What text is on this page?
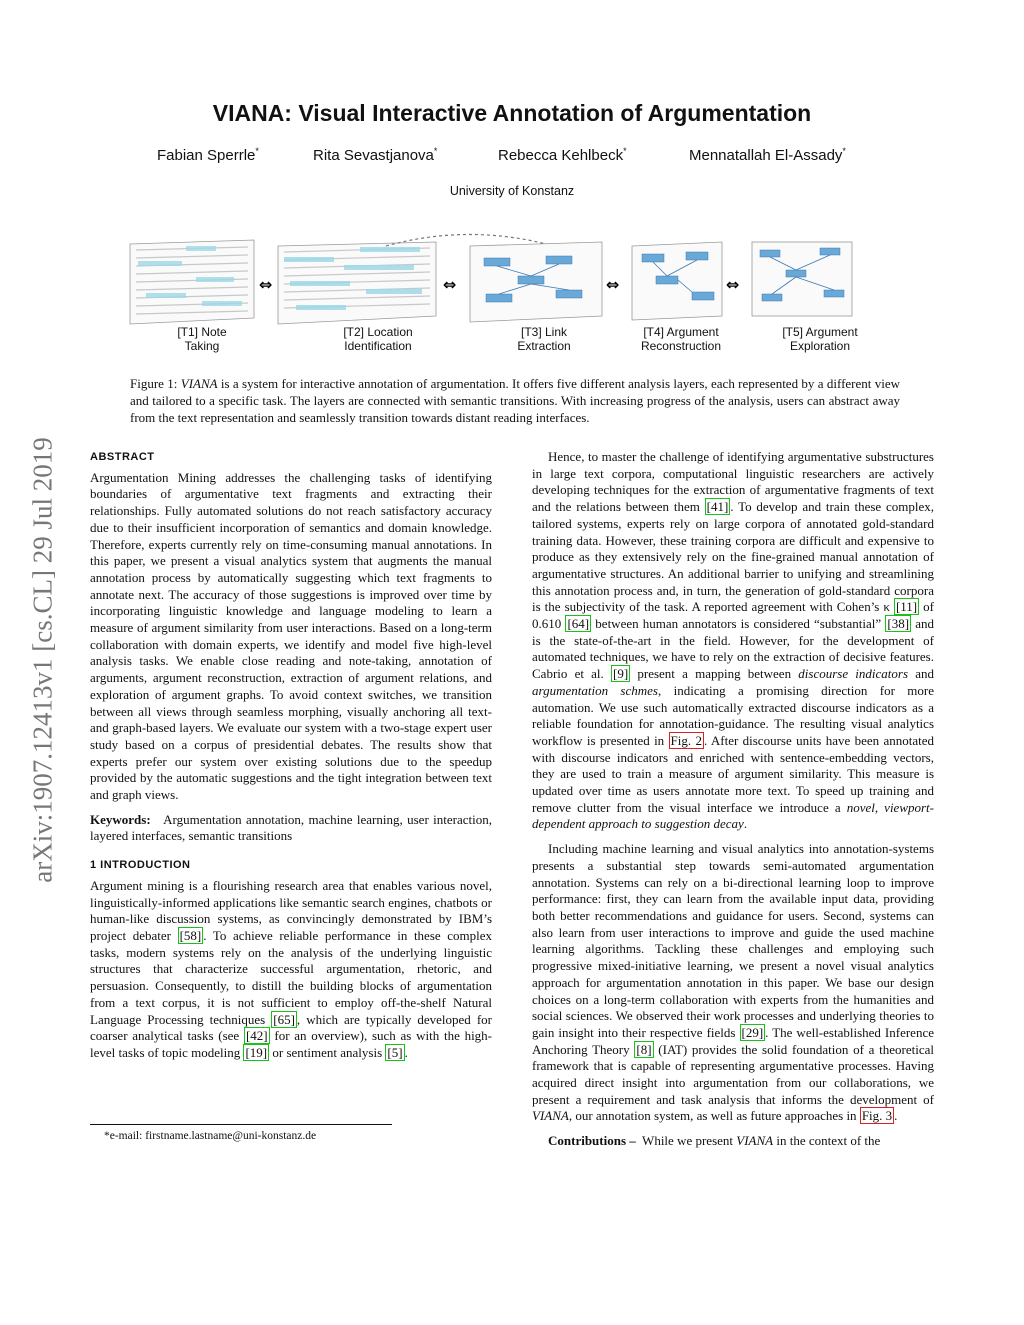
VIANA: Visual Interactive Annotation of Argumentation
Fabian Sperrle*	Rita Sevastjanova*	Rebecca Kehlbeck*	Mennatallah El-Assady*
University of Konstanz
arXiv:1907.12413v1 [cs.CL] 29 Jul 2019
⇔	⇔	⇔	⇔
[T1] Note
Taking
[T2] Location
Identification
[T3] Link
Extraction
[T4] Argument
Reconstruction
[T5] Argument
Exploration
Figure 1: VIANA is a system for interactive annotation of argumentation. It offers five different analysis layers, each represented by a different view and tailored to a specific task. The layers are connected with semantic transitions. With increasing progress of the analysis, users can abstract away from the text representation and seamlessly transition towards distant reading interfaces.
ABSTRACT

Argumentation Mining addresses the challenging tasks of identifying boundaries of argumentative text fragments and extracting their relationships. Fully automated solutions do not reach satisfactory accuracy due to their insufficient incorporation of semantics and domain knowledge. Therefore, experts currently rely on time-consuming manual annotations. In this paper, we present a visual analytics system that augments the manual annotation process by automatically suggesting which text fragments to annotate next. The accuracy of those suggestions is improved over time by incorporating linguistic knowledge and language modeling to learn a measure of argument similarity from user interactions. Based on a long-term collaboration with domain experts, we identify and model five high-level analysis tasks. We enable close reading and note-taking, annotation of arguments, argument reconstruction, extraction of argument relations, and exploration of argument graphs. To avoid context switches, we transition between all views through seamless morphing, visually anchoring all text- and graph-based layers. We evaluate our system with a two-stage expert user study based on a corpus of presidential debates. The results show that experts prefer our system over existing solutions due to the speedup provided by the automatic suggestions and the tight integration between text and graph views.

Keywords: Argumentation annotation, machine learning, user interaction, layered interfaces, semantic transitions

1 INTRODUCTION

Argument mining is a flourishing research area that enables various novel, linguistically-informed applications like semantic search engines, chatbots or human-like discussion systems, as convincingly demonstrated by IBM’s project debater [58] . To achieve reliable performance in these complex tasks, modern systems rely on the analysis of the underlying linguistic structures that characterize successful argumentation, rhetoric, and persuasion. Consequently, to distill the building blocks of argumentation from a text corpus, it is not sufficient to employ off-the-shelf Natural Language Processing techniques [65] , which are typically developed for coarser analytical tasks (see [42] for an overview), such as with the high-level tasks of topic modeling [19] or sentiment analysis [5] .

*e-mail: firstname.lastname@uni-konstanz.de

Hence, to master the challenge of identifying argumentative substructures in large text corpora, computational linguistic researchers are actively developing techniques for the extraction of argumentative fragments of text and the relations between them [41] . To develop and train these complex, tailored systems, experts rely on large corpora of annotated gold-standard training data. However, these training corpora are difficult and expensive to produce as they extensively rely on the fine-grained manual annotation of argumentative structures. An additional barrier to unifying and streamlining this annotation process and, in turn, the generation of gold-standard corpora is the subjectivity of the task. A reported agreement with Cohen’s κ [11] of 0.610 [64] between human annotators is considered “substantial” [38] and is the state-of-the-art in the field. However, for the development of automated techniques, we have to rely on the extraction of decisive features. Cabrio et al. [9] present a mapping between discourse indicators and argumentation schmes, indicating a promising direction for more automation. We use such automatically extracted discourse indicators as a reliable foundation for annotation-guidance. The resulting visual analytics workflow is presented in Fig. 2 . After discourse units have been annotated with discourse indicators and enriched with sentence-embedding vectors, they are used to train a measure of argument similarity. This measure is updated over time as users annotate more text. To speed up training and remove clutter from the visual interface we introduce a novel, viewport-dependent approach to suggestion decay.

Including machine learning and visual analytics into annotation-systems presents a substantial step towards semi-automated argumentation annotation. Systems can rely on a bi-directional learning loop to improve performance: first, they can learn from the available input data, providing both better recommendations and guidance for users. Second, systems can also learn from user interactions to improve and guide the used machine learning algorithms. Tackling these challenges and employing such progressive mixed-initiative learning, we present a novel visual analytics approach for argumentation annotation in this paper. We base our design choices on a long-term collaboration with experts from the humanities and social sciences. We observed their work processes and underlying theories to gain insight into their respective fields [29] . The well-established Inference Anchoring Theory [8] (IAT) provides the solid foundation of a theoretical framework that is capable of representing argumentative processes. Having acquired direct insight into argumentation from our collaborations, we present a requirement and task analysis that informs the development of VIANA, our annotation system, as well as future approaches in Fig. 3 .

Contributions – While we present VIANA in the context of the
